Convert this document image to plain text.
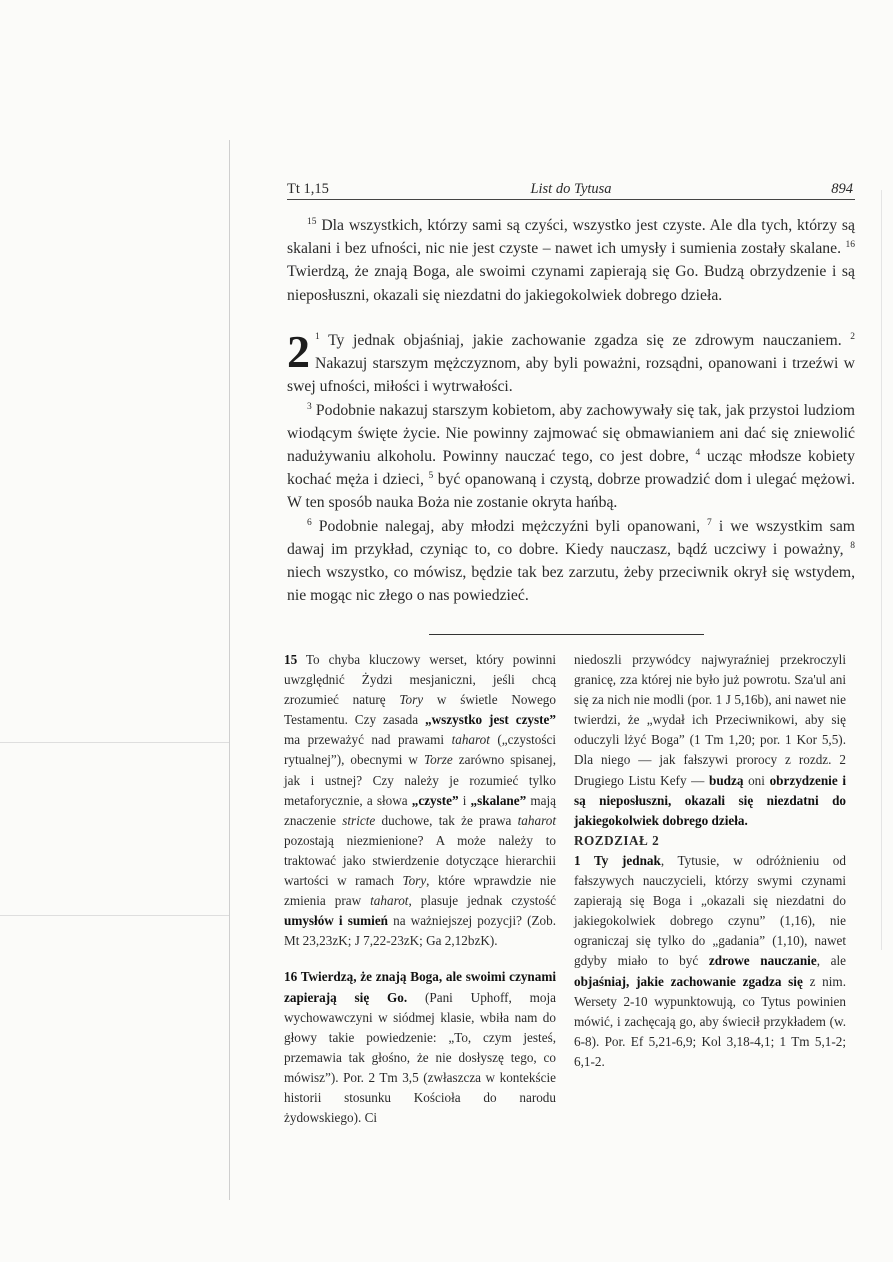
Tt 1,15	List do Tytusa	894

$^{15}$ Dla wszystkich, którzy sami są czyści, wszystko jest czyste. Ale dla tych, którzy są skalani i bez ufności, nic nie jest czyste – nawet ich umysły i sumienia zostały skalane. $^{16}$ Twierdzą, że znają Boga, ale swoimi czynami zapierają się Go. Budzą obrzydzenie i są nieposłuszni, okazali się niezdatni do jakiegokolwiek dobrego dzieła.

2 $^1$ Ty jednak objaśniaj, jakie zachowanie zgadza się ze zdrowym nauczaniem. $^2$ Nakazuj starszym mężczyznom, aby byli poważni, rozsądni, opanowani i trzeźwi w swej ufności, miłości i wytrwałości.

$^3$ Podobnie nakazuj starszym kobietom, aby zachowywały się tak, jak przystoi ludziom wiodącym święte życie. Nie powinny zajmować się obmawianiem ani dać się zniewolić nadużywaniu alkoholu. Powinny nauczać tego, co jest dobre, $^4$ ucząc młodsze kobiety kochać męża i dzieci, $^5$ być opanowaną i czystą, dobrze prowadzić dom i ulegać mężowi. W ten sposób nauka Boża nie zostanie okryta hańbą.

$^6$ Podobnie nalegaj, aby młodzi mężczyźni byli opanowani, $^7$ i we wszystkim sam dawaj im przykład, czyniąc to, co dobre. Kiedy nauczasz, bądź uczciwy i poważny, $^8$ niech wszystko, co mówisz, będzie tak bez zarzutu, żeby przeciwnik okrył się wstydem, nie mogąc nic złego o nas powiedzieć.

15 To chyba kluczowy werset, który powinni uwzględnić Żydzi mesjaniczni, jeśli chcą zrozumieć naturę Tory w świetle Nowego Testamentu. Czy zasada „wszystko jest czyste” ma przeważyć nad prawami taharot („czystości rytualnej”), obecnymi w Torze zarówno spisanej, jak i ustnej? Czy należy je rozumieć tylko metaforycznie, a słowa „czyste” i „skalane” mają znaczenie stricte duchowe, tak że prawa taharot pozostają niezmienione? A może należy to traktować jako stwierdzenie dotyczące hierarchii wartości w ramach Tory, które wprawdzie nie zmienia praw taharot, plasuje jednak czystość umysłów i sumień na ważniejszej pozycji? (Zob. Mt 23,23zK; J 7,22-23zK; Ga 2,12bzK).

16 Twierdzą, że znają Boga, ale swoimi czynami zapierają się Go. (Pani Uphoff, moja wychowawczyni w siódmej klasie, wbiła nam do głowy takie powiedzenie: „To, czym jesteś, przemawia tak głośno, że nie dosłyszę tego, co mówisz”). Por. 2 Tm 3,5 (zwłaszcza w kontekście historii stosunku Kościoła do narodu żydowskiego). Ci

niedoszli przywódcy najwyraźniej przekroczyli granicę, zza której nie było już powrotu. Sza'ul ani się za nich nie modli (por. 1 J 5,16b), ani nawet nie twierdzi, że „wydał ich Przeciwnikowi, aby się oduczyli lżyć Boga” (1 Tm 1,20; por. 1 Kor 5,5). Dla niego — jak fałszywi prorocy z rozdz. 2 Drugiego Listu Kefy — budzą oni obrzydzenie i są nieposłuszni, okazali się niezdatni do jakiegokolwiek dobrego dzieła.

ROZDZIAŁ 2

1 Ty jednak, Tytusie, w odróżnieniu od fałszywych nauczycieli, którzy swymi czynami zapierają się Boga i „okazali się niezdatni do jakiegokolwiek dobrego czynu” (1,16), nie ograniczaj się tylko do „gadania” (1,10), nawet gdyby miało to być zdrowe nauczanie, ale objaśniaj, jakie zachowanie zgadza się z nim. Wersety 2-10 wypunktowują, co Tytus powinien mówić, i zachęcają go, aby świecił przykładem (w. 6-8). Por. Ef 5,21-6,9; Kol 3,18-4,1; 1 Tm 5,1-2; 6,1-2.
